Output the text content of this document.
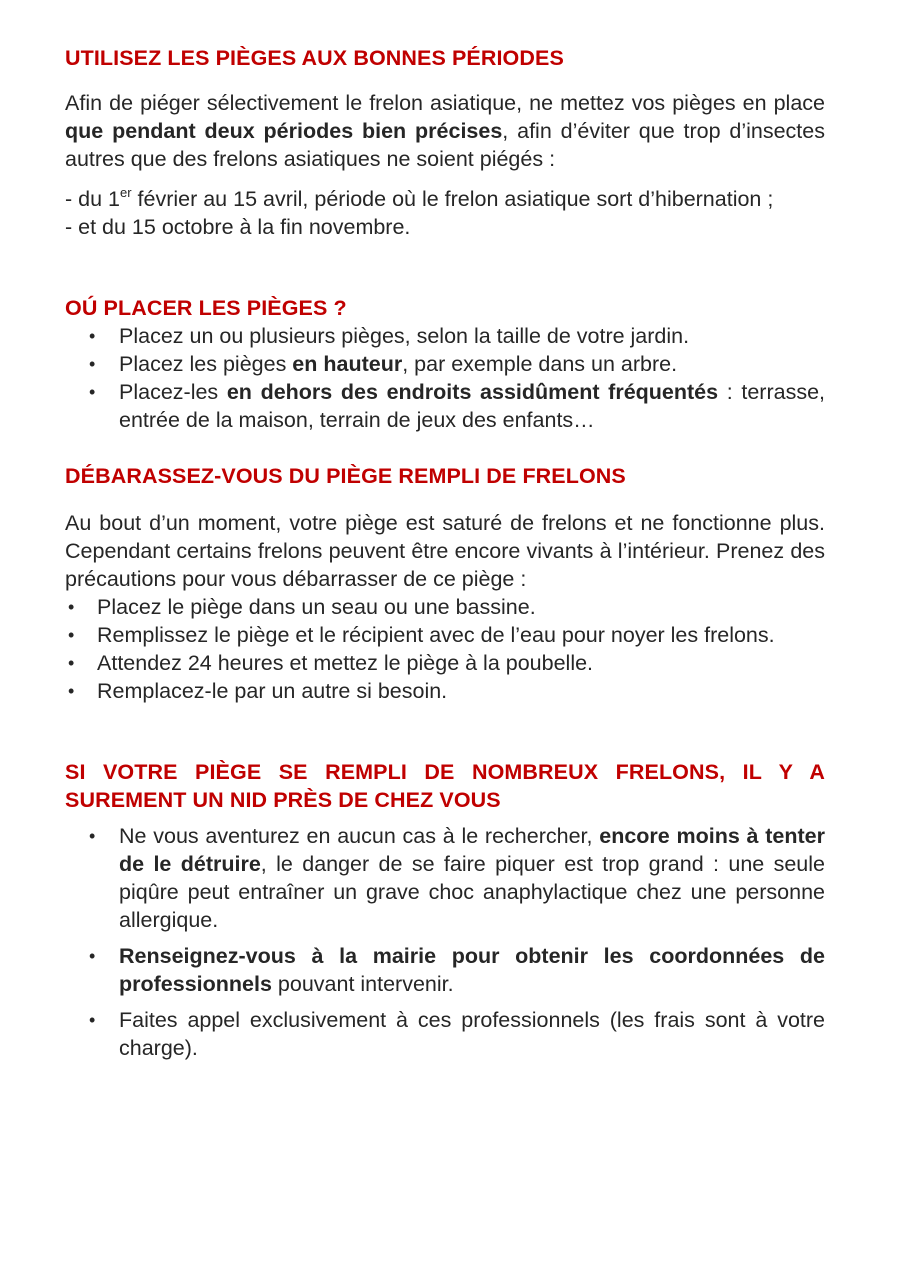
UTILISEZ LES PIÈGES AUX BONNES PÉRIODES

Afin de piéger sélectivement le frelon asiatique, ne mettez vos pièges en place que pendant deux périodes bien précises, afin d’éviter que trop d’insectes autres que des frelons asiatiques ne soient piégés :

- du 1er février au 15 avril, période où le frelon asiatique sort d’hibernation ;

- et du 15 octobre à la fin novembre.

OÚ PLACER LES PIÈGES ?
• Placez un ou plusieurs pièges, selon la taille de votre jardin.
• Placez les pièges en hauteur, par exemple dans un arbre.
• Placez-les en dehors des endroits assidûment fréquentés : terrasse, entrée de la maison, terrain de jeux des enfants…
DÉBARASSEZ-VOUS DU PIÈGE REMPLI DE FRELONS

Au bout d’un moment, votre piège est saturé de frelons et ne fonctionne plus. Cependant certains frelons peuvent être encore vivants à l’intérieur. Prenez des précautions pour vous débarrasser de ce piège :

• Placez le piège dans un seau ou une bassine.
• Remplissez le piège et le récipient avec de l’eau pour noyer les frelons.
• Attendez 24 heures et mettez le piège à la poubelle.
• Remplacez-le par un autre si besoin.
SI VOTRE PIÈGE SE REMPLI DE NOMBREUX FRELONS, IL Y A SUREMENT UN NID PRÈS DE CHEZ VOUS
• Ne vous aventurez en aucun cas à le rechercher, encore moins à tenter de le détruire, le danger de se faire piquer est trop grand : une seule piqûre peut entraîner un grave choc anaphylactique chez une personne allergique.
• Renseignez-vous à la mairie pour obtenir les coordonnées de professionnels pouvant intervenir.
• Faites appel exclusivement à ces professionnels (les frais sont à votre charge).
